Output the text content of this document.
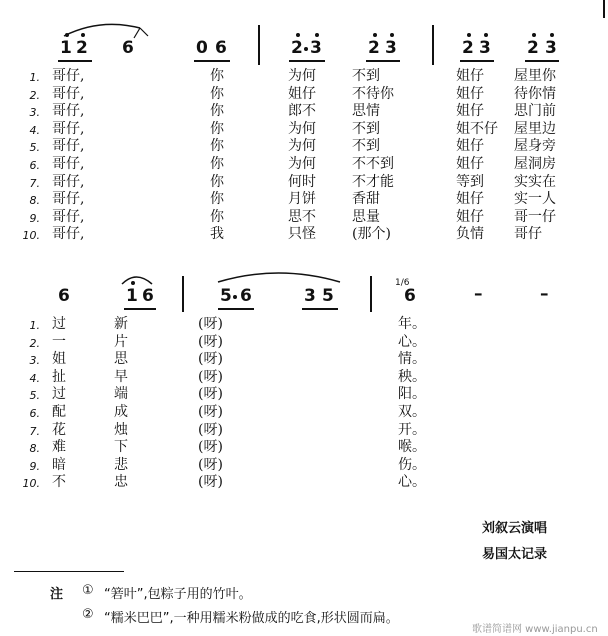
1 2 6	0 6	2 3	2 3	2 3 2 3
1. 哥仔,	你	为何	不到	姐仔 屋里你
2. 哥仔,	你	姐仔	不待你	姐仔 待你情
3. 哥仔,	你	郎不	思情	姐仔 思门前
4. 哥仔,	你	为何	不到	姐不仔 屋里边
5. 哥仔,	你	为何	不到	姐仔 屋身旁
6. 哥仔,	你	为何	不不到	姐仔 屋洞房
7. 哥仔,	你	何时	不才能	等到 实实在
8. 哥仔,	你	月饼	香甜	姐仔 实一人
9. 哥仔,	你	思不	思量	姐仔 哥一仔
10. 哥仔,	我	只怪	(那个)	负情 哥仔
6	1 6	5 6	3 5
1/6
6	–	–
1. 过	新	(呀)	年。
2. 一	片	(呀)	心。
3. 姐	思	(呀)	情。
4. 扯	早	(呀)	秧。
5. 过	端	(呀)	阳。
6. 配	成	(呀)	双。
7. 花	烛	(呀)	开。
8. 难	下	(呀)	喉。
9. 暗	悲	(呀)	伤。
10. 不	忠	(呀)	心。
刘叙云演唱
易国太记录
注 ① “箬叶”,包粽子用的竹叶。
② “糯米巴巴”,一种用糯米粉做成的吃食,形状圆而扁。
歌谱简谱网 www.jianpu.cn
